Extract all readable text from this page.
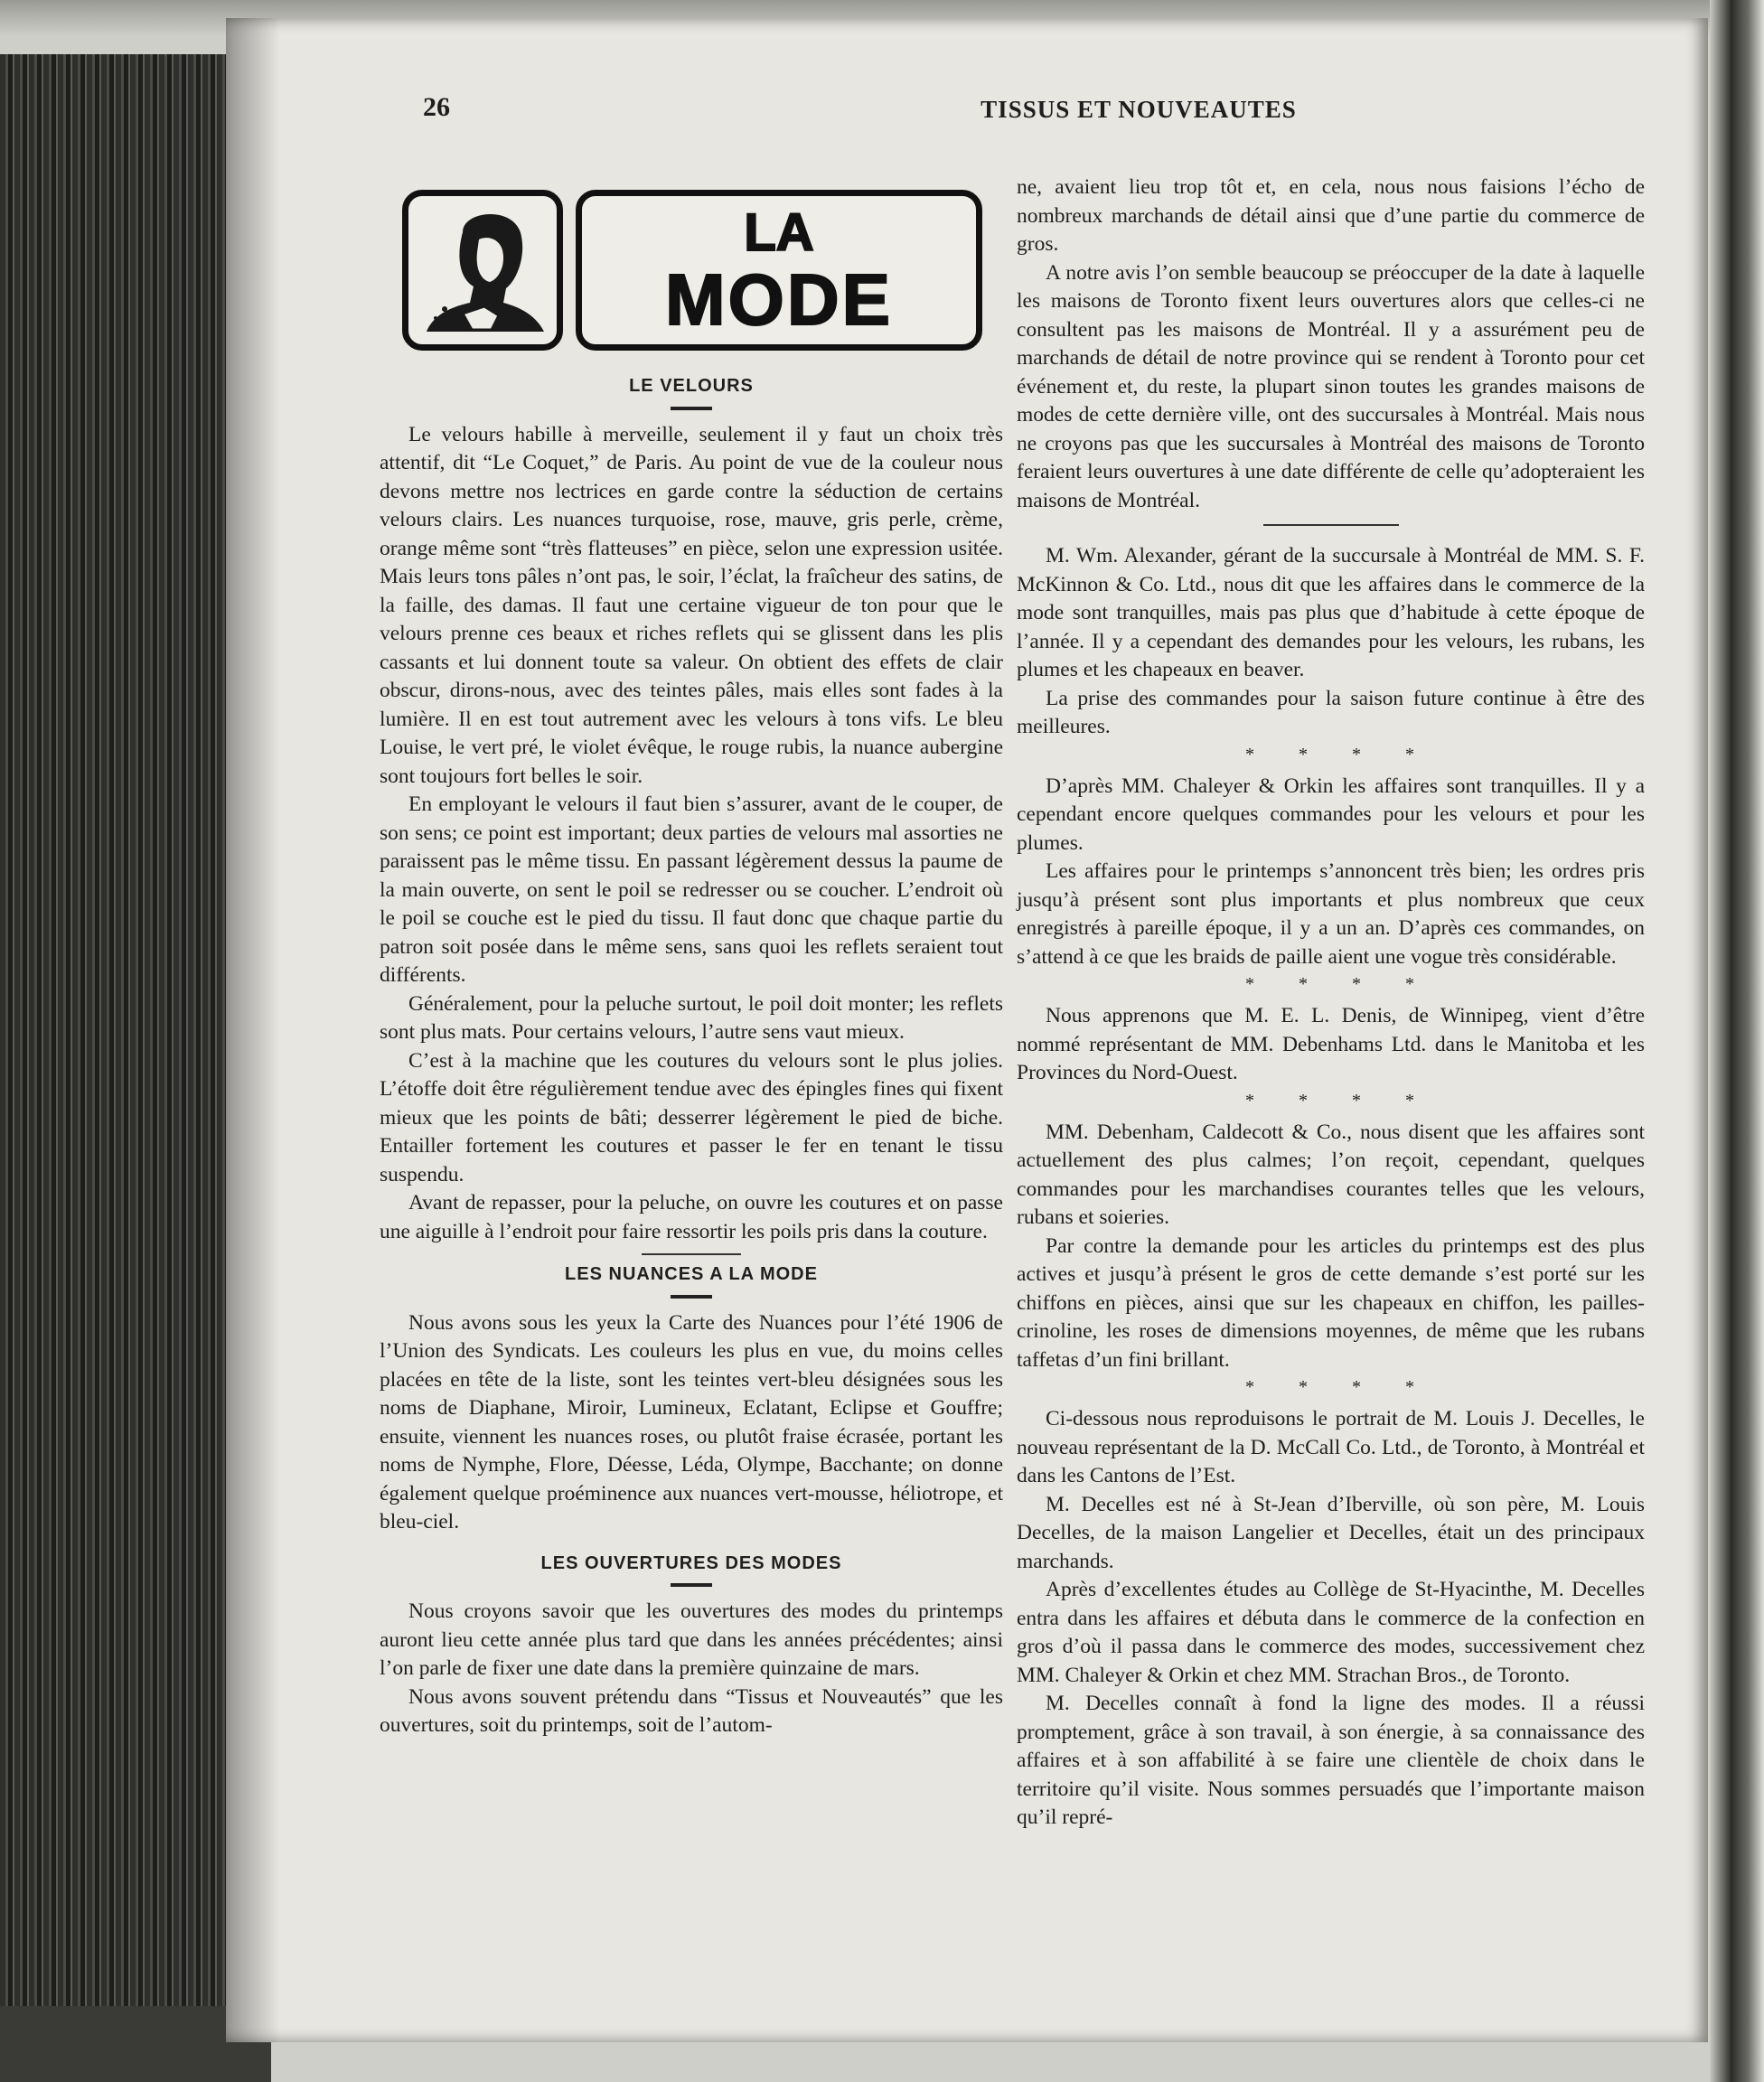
26	TISSUS ET NOUVEAUTES
LA
MODE
LE VELOURS

Le velours habille à merveille, seulement il y faut un choix très attentif, dit “Le Coquet,” de Paris. Au point de vue de la couleur nous devons mettre nos lectrices en garde contre la séduction de certains velours clairs. Les nuances turquoise, rose, mauve, gris perle, crème, orange même sont “très flatteuses” en pièce, selon une expression usitée. Mais leurs tons pâles n’ont pas, le soir, l’éclat, la fraîcheur des satins, de la faille, des damas. Il faut une certaine vigueur de ton pour que le velours prenne ces beaux et riches reflets qui se glissent dans les plis cassants et lui donnent toute sa valeur. On obtient des effets de clair obscur, dirons-nous, avec des teintes pâles, mais elles sont fades à la lumière. Il en est tout autrement avec les velours à tons vifs. Le bleu Louise, le vert pré, le violet évêque, le rouge rubis, la nuance aubergine sont toujours fort belles le soir.

En employant le velours il faut bien s’assurer, avant de le couper, de son sens; ce point est important; deux parties de velours mal assorties ne paraissent pas le même tissu. En passant légèrement dessus la paume de la main ouverte, on sent le poil se redresser ou se coucher. L’endroit où le poil se couche est le pied du tissu. Il faut donc que chaque partie du patron soit posée dans le même sens, sans quoi les reflets seraient tout différents.

Généralement, pour la peluche surtout, le poil doit monter; les reflets sont plus mats. Pour certains velours, l’autre sens vaut mieux.

C’est à la machine que les coutures du velours sont le plus jolies. L’étoffe doit être régulièrement tendue avec des épingles fines qui fixent mieux que les points de bâti; desserrer légèrement le pied de biche. Entailler fortement les coutures et passer le fer en tenant le tissu suspendu.

Avant de repasser, pour la peluche, on ouvre les coutures et on passe une aiguille à l’endroit pour faire ressortir les poils pris dans la couture.

LES NUANCES A LA MODE

Nous avons sous les yeux la Carte des Nuances pour l’été 1906 de l’Union des Syndicats. Les couleurs les plus en vue, du moins celles placées en tête de la liste, sont les teintes vert-bleu désignées sous les noms de Diaphane, Miroir, Lumineux, Eclatant, Eclipse et Gouffre; ensuite, viennent les nuances roses, ou plutôt fraise écrasée, portant les noms de Nymphe, Flore, Déesse, Léda, Olympe, Bacchante; on donne également quelque proéminence aux nuances vert-mousse, héliotrope, et bleu-ciel.

LES OUVERTURES DES MODES

Nous croyons savoir que les ouvertures des modes du printemps auront lieu cette année plus tard que dans les années précédentes; ainsi l’on parle de fixer une date dans la première quinzaine de mars.

Nous avons souvent prétendu dans “Tissus et Nouveautés” que les ouvertures, soit du printemps, soit de l’autom-

ne, avaient lieu trop tôt et, en cela, nous nous faisions l’écho de nombreux marchands de détail ainsi que d’une partie du commerce de gros.

A notre avis l’on semble beaucoup se préoccuper de la date à laquelle les maisons de Toronto fixent leurs ouvertures alors que celles-ci ne consultent pas les maisons de Montréal. Il y a assurément peu de marchands de détail de notre province qui se rendent à Toronto pour cet événement et, du reste, la plupart sinon toutes les grandes maisons de modes de cette dernière ville, ont des succursales à Montréal. Mais nous ne croyons pas que les succursales à Montréal des maisons de Toronto feraient leurs ouvertures à une date différente de celle qu’adopteraient les maisons de Montréal.

M. Wm. Alexander, gérant de la succursale à Montréal de MM. S. F. McKinnon & Co. Ltd., nous dit que les affaires dans le commerce de la mode sont tranquilles, mais pas plus que d’habitude à cette époque de l’année. Il y a cependant des demandes pour les velours, les rubans, les plumes et les chapeaux en beaver.

La prise des commandes pour la saison future continue à être des meilleures.

* * * *

D’après MM. Chaleyer & Orkin les affaires sont tranquilles. Il y a cependant encore quelques commandes pour les velours et pour les plumes.

Les affaires pour le printemps s’annoncent très bien; les ordres pris jusqu’à présent sont plus importants et plus nombreux que ceux enregistrés à pareille époque, il y a un an. D’après ces commandes, on s’attend à ce que les braids de paille aient une vogue très considérable.

* * * *

Nous apprenons que M. E. L. Denis, de Winnipeg, vient d’être nommé représentant de MM. Debenhams Ltd. dans le Manitoba et les Provinces du Nord-Ouest.

* * * *

MM. Debenham, Caldecott & Co., nous disent que les affaires sont actuellement des plus calmes; l’on reçoit, cependant, quelques commandes pour les marchandises courantes telles que les velours, rubans et soieries.

Par contre la demande pour les articles du printemps est des plus actives et jusqu’à présent le gros de cette demande s’est porté sur les chiffons en pièces, ainsi que sur les chapeaux en chiffon, les pailles-crinoline, les roses de dimensions moyennes, de même que les rubans taffetas d’un fini brillant.

* * * *

Ci-dessous nous reproduisons le portrait de M. Louis J. Decelles, le nouveau représentant de la D. McCall Co. Ltd., de Toronto, à Montréal et dans les Cantons de l’Est.

M. Decelles est né à St-Jean d’Iberville, où son père, M. Louis Decelles, de la maison Langelier et Decelles, était un des principaux marchands.

Après d’excellentes études au Collège de St-Hyacinthe, M. Decelles entra dans les affaires et débuta dans le commerce de la confection en gros d’où il passa dans le commerce des modes, successivement chez MM. Chaleyer & Orkin et chez MM. Strachan Bros., de Toronto.

M. Decelles connaît à fond la ligne des modes. Il a réussi promptement, grâce à son travail, à son énergie, à sa connaissance des affaires et à son affabilité à se faire une clientèle de choix dans le territoire qu’il visite. Nous sommes persuadés que l’importante maison qu’il repré-
